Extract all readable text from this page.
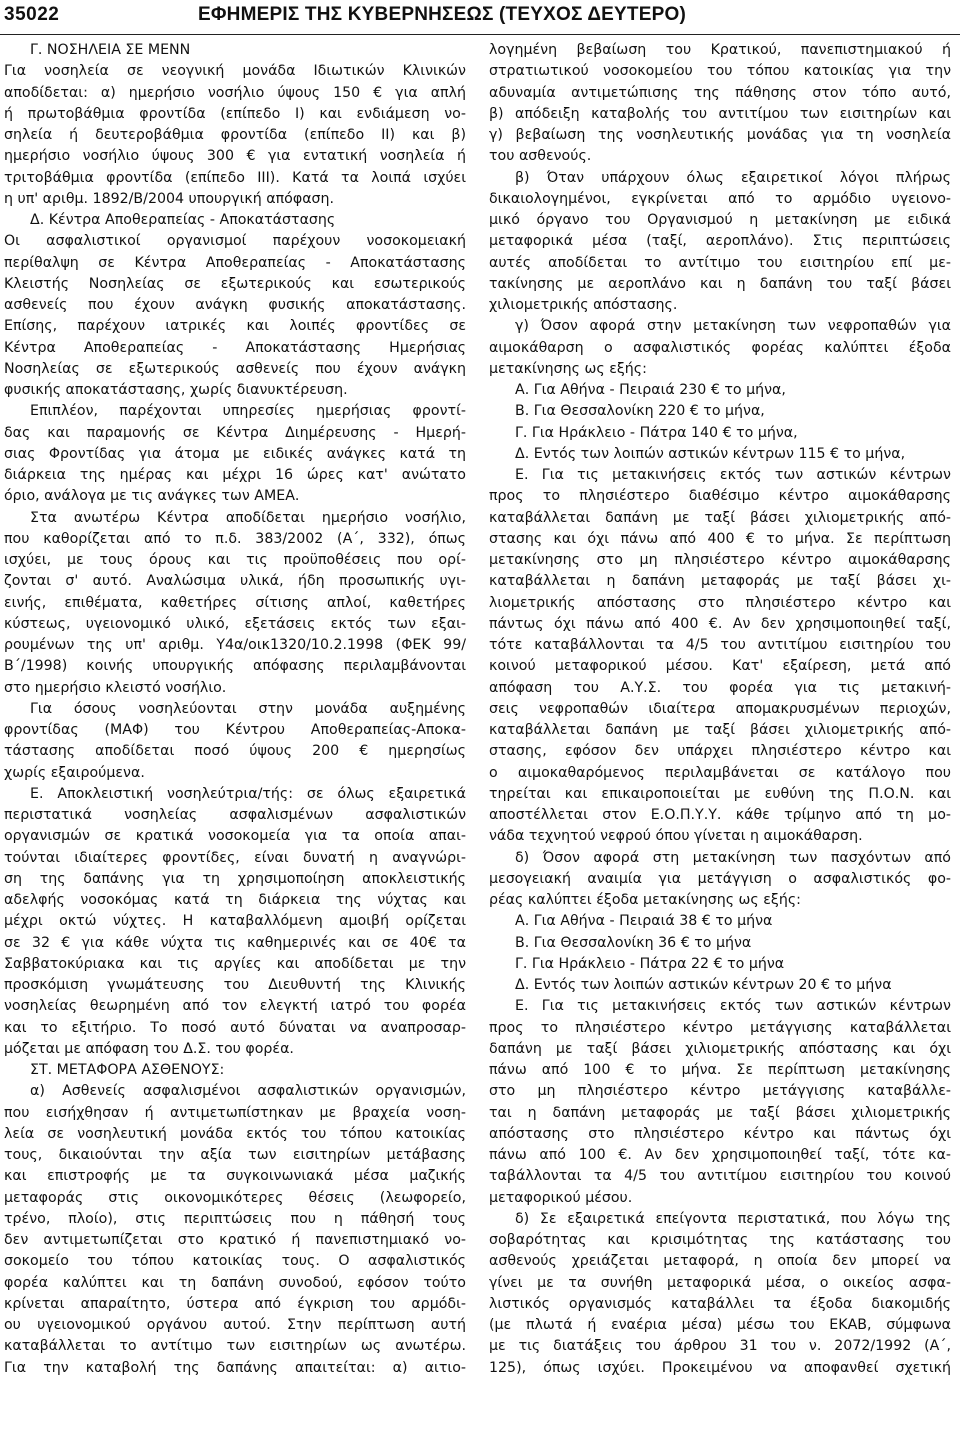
35022	ΕΦΗΜΕΡΙΣ ΤΗΣ ΚΥΒΕΡΝΗΣΕΩΣ (ΤΕΥΧΟΣ ΔΕΥΤΕΡΟ)
Γ. ΝΟΣΗΛΕΙΑ ΣΕ ΜΕΝΝ
Για νοσηλεία σε νεογνική μονάδα Ιδιωτικών Κλινικών
αποδίδεται: α) ημερήσιο νοσήλιο ύψους 150 € για απλή
ή πρωτοβάθμια φροντίδα (επίπεδο Ι) και ενδιάμεση νο-
σηλεία ή δευτεροβάθμια φροντίδα (επίπεδο ΙΙ) και β)
ημερήσιο νοσήλιο ύψους 300 € για εντατική νοσηλεία ή
τριτοβάθμια φροντίδα (επίπεδο ΙΙΙ). Κατά τα λοιπά ισχύει
η υπ' αριθμ. 1892/Β/2004 υπουργική απόφαση.
Δ. Κέντρα Αποθεραπείας - Αποκατάστασης
Οι ασφαλιστικοί οργανισμοί παρέχουν νοσοκομειακή
περίθαλψη σε Κέντρα Αποθεραπείας - Αποκατάστασης
Κλειστής Νοσηλείας σε εξωτερικούς και εσωτερικούς
ασθενείς που έχουν ανάγκη φυσικής αποκατάστασης.
Επίσης, παρέχουν ιατρικές και λοιπές φροντίδες σε
Κέντρα Αποθεραπείας - Αποκατάστασης Ημερήσιας
Νοσηλείας σε εξωτερικούς ασθενείς που έχουν ανάγκη
φυσικής αποκατάστασης, χωρίς διανυκτέρευση.
Επιπλέον, παρέχονται υπηρεσίες ημερήσιας φροντί-
δας και παραμονής σε Κέντρα Διημέρευσης - Ημερή-
σιας Φροντίδας για άτομα με ειδικές ανάγκες κατά τη
διάρκεια της ημέρας και μέχρι 16 ώρες κατ' ανώτατο
όριο, ανάλογα με τις ανάγκες των ΑΜΕΑ.
Στα ανωτέρω Κέντρα αποδίδεται ημερήσιο νοσήλιο,
που καθορίζεται από το π.δ. 383/2002 (Α΄, 332), όπως
ισχύει, με τους όρους και τις προϋποθέσεις που ορί-
ζονται σ' αυτό. Αναλώσιμα υλικά, ήδη προσωπικής υγι-
εινής, επιθέματα, καθετήρες σίτισης απλοί, καθετήρες
κύστεως, υγειονομικό υλικό, εξετάσεις εκτός των εξαι-
ρουμένων της υπ' αριθμ. Υ4α/οικ1320/10.2.1998 (ΦΕΚ 99/
Β΄/1998) κοινής υπουργικής απόφασης περιλαμβάνονται
στο ημερήσιο κλειστό νοσήλιο.
Για όσους νοσηλεύονται στην μονάδα αυξημένης
φροντίδας (ΜΑΦ) του Κέντρου Αποθεραπείας-Αποκα-
τάστασης αποδίδεται ποσό ύψους 200 € ημερησίως
χωρίς εξαιρούμενα.
Ε. Αποκλειστική νοσηλεύτρια/τής: σε όλως εξαιρετικά
περιστατικά νοσηλείας ασφαλισμένων ασφαλιστικών
οργανισμών σε κρατικά νοσοκομεία για τα οποία απαι-
τούνται ιδιαίτερες φροντίδες, είναι δυνατή η αναγνώρι-
ση της δαπάνης για τη χρησιμοποίηση αποκλειστικής
αδελφής νοσοκόμας κατά τη διάρκεια της νύχτας και
μέχρι οκτώ νύχτες. Η καταβαλλόμενη αμοιβή ορίζεται
σε 32 € για κάθε νύχτα τις καθημερινές και σε 40€ τα
Σαββατοκύριακα και τις αργίες και αποδίδεται με την
προσκόμιση γνωμάτευσης του Διευθυντή της Κλινικής
νοσηλείας θεωρημένη από τον ελεγκτή ιατρό του φορέα
και το εξιτήριο. Το ποσό αυτό δύναται να αναπροσαρ-
μόζεται με απόφαση του Δ.Σ. του φορέα.
ΣΤ. ΜΕΤΑΦΟΡΑ ΑΣΘΕΝΟΥΣ:
α) Ασθενείς ασφαλισμένοι ασφαλιστικών οργανισμών,
που εισήχθησαν ή αντιμετωπίστηκαν με βραχεία νοση-
λεία σε νοσηλευτική μονάδα εκτός του τόπου κατοικίας
τους, δικαιούνται την αξία των εισιτηρίων μετάβασης
και επιστροφής με τα συγκοινωνιακά μέσα μαζικής
μεταφοράς στις οικονομικότερες θέσεις (λεωφορείο,
τρένο, πλοίο), στις περιπτώσεις που η πάθησή τους
δεν αντιμετωπίζεται στο κρατικό ή πανεπιστημιακό νο-
σοκομείο του τόπου κατοικίας τους. Ο ασφαλιστικός
φορέα καλύπτει και τη δαπάνη συνοδού, εφόσον τούτο
κρίνεται απαραίτητο, ύστερα από έγκριση του αρμόδι-
ου υγειονομικού οργάνου αυτού. Στην περίπτωση αυτή
καταβάλλεται το αντίτιμο των εισιτηρίων ως ανωτέρω.
Για την καταβολή της δαπάνης απαιτείται: α) αιτιο-
λογημένη βεβαίωση του Κρατικού, πανεπιστημιακού ή
στρατιωτικού νοσοκομείου του τόπου κατοικίας για την
αδυναμία αντιμετώπισης της πάθησης στον τόπο αυτό,
β) απόδειξη καταβολής του αντιτίμου των εισιτηρίων και
γ) βεβαίωση της νοσηλευτικής μονάδας για τη νοσηλεία
του ασθενούς.
β) Όταν υπάρχουν όλως εξαιρετικοί λόγοι πλήρως
δικαιολογημένοι, εγκρίνεται από το αρμόδιο υγειονο-
μικό όργανο του Οργανισμού η μετακίνηση με ειδικά
μεταφορικά μέσα (ταξί, αεροπλάνο). Στις περιπτώσεις
αυτές αποδίδεται το αντίτιμο του εισιτηρίου επί με-
τακίνησης με αεροπλάνο και η δαπάνη του ταξί βάσει
χιλιομετρικής απόστασης.
γ) Όσον αφορά στην μετακίνηση των νεφροπαθών για
αιμοκάθαρση ο ασφαλιστικός φορέας καλύπτει έξοδα
μετακίνησης ως εξής:
Α. Για Αθήνα - Πειραιά 230 € το μήνα,
Β. Για Θεσσαλονίκη 220 € το μήνα,
Γ. Για Ηράκλειο - Πάτρα 140 € το μήνα,
Δ. Εντός των λοιπών αστικών κέντρων 115 € το μήνα,
Ε. Για τις μετακινήσεις εκτός των αστικών κέντρων
προς το πλησιέστερο διαθέσιμο κέντρο αιμοκάθαρσης
καταβάλλεται δαπάνη με ταξί βάσει χιλιομετρικής από-
στασης και όχι πάνω από 400 € το μήνα. Σε περίπτωση
μετακίνησης στο μη πλησιέστερο κέντρο αιμοκάθαρσης
καταβάλλεται η δαπάνη μεταφοράς με ταξί βάσει χι-
λιομετρικής απόστασης στο πλησιέστερο κέντρο και
πάντως όχι πάνω από 400 €. Αν δεν χρησιμοποιηθεί ταξί,
τότε καταβάλλονται τα 4/5 του αντιτίμου εισιτηρίου του
κοινού μεταφορικού μέσου. Κατ' εξαίρεση, μετά από
απόφαση του Α.Υ.Σ. του φορέα για τις μετακινή-
σεις νεφροπαθών ιδιαίτερα απομακρυσμένων περιοχών,
καταβάλλεται δαπάνη με ταξί βάσει χιλιομετρικής από-
στασης, εφόσον δεν υπάρχει πλησιέστερο κέντρο και
ο αιμοκαθαρόμενος περιλαμβάνεται σε κατάλογο που
τηρείται και επικαιροποιείται με ευθύνη της Π.Ο.Ν. και
αποστέλλεται στον Ε.Ο.Π.Υ.Υ. κάθε τρίμηνο από τη μο-
νάδα τεχνητού νεφρού όπου γίνεται η αιμοκάθαρση.
δ) Όσον αφορά στη μετακίνηση των πασχόντων από
μεσογειακή αναιμία για μετάγγιση ο ασφαλιστικός φο-
ρέας καλύπτει έξοδα μετακίνησης ως εξής:
Α. Για Αθήνα - Πειραιά 38 € το μήνα
Β. Για Θεσσαλονίκη 36 € το μήνα
Γ. Για Ηράκλειο - Πάτρα 22 € το μήνα
Δ. Εντός των λοιπών αστικών κέντρων 20 € το μήνα
Ε. Για τις μετακινήσεις εκτός των αστικών κέντρων
προς το πλησιέστερο κέντρο μετάγγισης καταβάλλεται
δαπάνη με ταξί βάσει χιλιομετρικής απόστασης και όχι
πάνω από 100 € το μήνα. Σε περίπτωση μετακίνησης
στο μη πλησιέστερο κέντρο μετάγγισης καταβάλλε-
ται η δαπάνη μεταφοράς με ταξί βάσει χιλιομετρικής
απόστασης στο πλησιέστερο κέντρο και πάντως όχι
πάνω από 100 €. Αν δεν χρησιμοποιηθεί ταξί, τότε κα-
ταβάλλονται τα 4/5 του αντιτίμου εισιτηρίου του κοινού
μεταφορικού μέσου.
δ) Σε εξαιρετικά επείγοντα περιστατικά, που λόγω της
σοβαρότητας και κρισιμότητας της κατάστασης του
ασθενούς χρειάζεται μεταφορά, η οποία δεν μπορεί να
γίνει με τα συνήθη μεταφορικά μέσα, ο οικείος ασφα-
λιστικός οργανισμός καταβάλλει τα έξοδα διακομιδής
(με πλωτά ή εναέρια μέσα) μέσω του ΕΚΑΒ, σύμφωνα
με τις διατάξεις του άρθρου 31 του ν. 2072/1992 (Α΄,
125), όπως ισχύει. Προκειμένου να αποφανθεί σχετική
